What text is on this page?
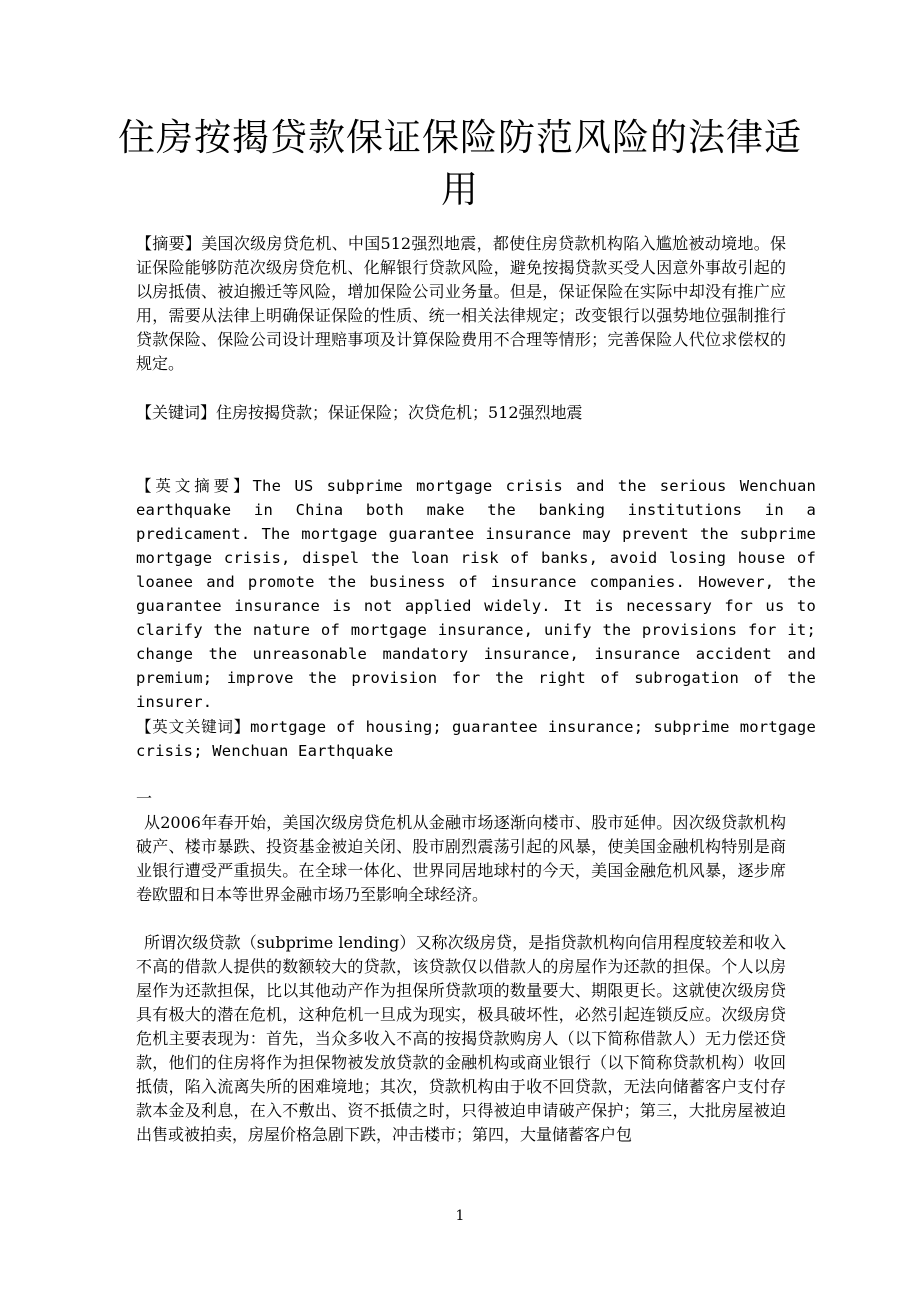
住房按揭贷款保证保险防范风险的法律适用

【摘要】美国次级房贷危机、中国512强烈地震，都使住房贷款机构陷入尴尬被动境地。保证保险能够防范次级房贷危机、化解银行贷款风险，避免按揭贷款买受人因意外事故引起的以房抵债、被迫搬迁等风险，增加保险公司业务量。但是，保证保险在实际中却没有推广应用，需要从法律上明确保证保险的性质、统一相关法律规定；改变银行以强势地位强制推行贷款保险、保险公司设计理赔事项及计算保险费用不合理等情形；完善保险人代位求偿权的规定。

【关键词】住房按揭贷款；保证保险；次贷危机；512强烈地震

【英文摘要】The US subprime mortgage crisis and the serious Wenchuan earthquake in China both make the banking institutions in a predicament. The mortgage guarantee insurance may prevent the subprime mortgage crisis, dispel the loan risk of banks, avoid losing house of loanee and promote the business of insurance companies. However, the guarantee insurance is not applied widely. It is necessary for us to clarify the nature of mortgage insurance, unify the provisions for it; change the unreasonable mandatory insurance, insurance accident and premium; improve the provision for the right of subrogation of the insurer.

【英文关键词】mortgage of housing; guarantee insurance; subprime mortgage crisis; Wenchuan Earthquake

一

从2006年春开始，美国次级房贷危机从金融市场逐渐向楼市、股市延伸。因次级贷款机构破产、楼市暴跌、投资基金被迫关闭、股市剧烈震荡引起的风暴，使美国金融机构特别是商业银行遭受严重损失。在全球一体化、世界同居地球村的今天，美国金融危机风暴，逐步席卷欧盟和日本等世界金融市场乃至影响全球经济。

所谓次级贷款（subprime lending）又称次级房贷，是指贷款机构向信用程度较差和收入不高的借款人提供的数额较大的贷款，该贷款仅以借款人的房屋作为还款的担保。个人以房屋作为还款担保，比以其他动产作为担保所贷款项的数量要大、期限更长。这就使次级房贷具有极大的潜在危机，这种危机一旦成为现实，极具破坏性，必然引起连锁反应。次级房贷危机主要表现为：首先，当众多收入不高的按揭贷款购房人（以下简称借款人）无力偿还贷款，他们的住房将作为担保物被发放贷款的金融机构或商业银行（以下简称贷款机构）收回抵债，陷入流离失所的困难境地；其次，贷款机构由于收不回贷款，无法向储蓄客户支付存款本金及利息，在入不敷出、资不抵债之时，只得被迫申请破产保护；第三，大批房屋被迫出售或被拍卖，房屋价格急剧下跌，冲击楼市；第四，大量储蓄客户包

1
